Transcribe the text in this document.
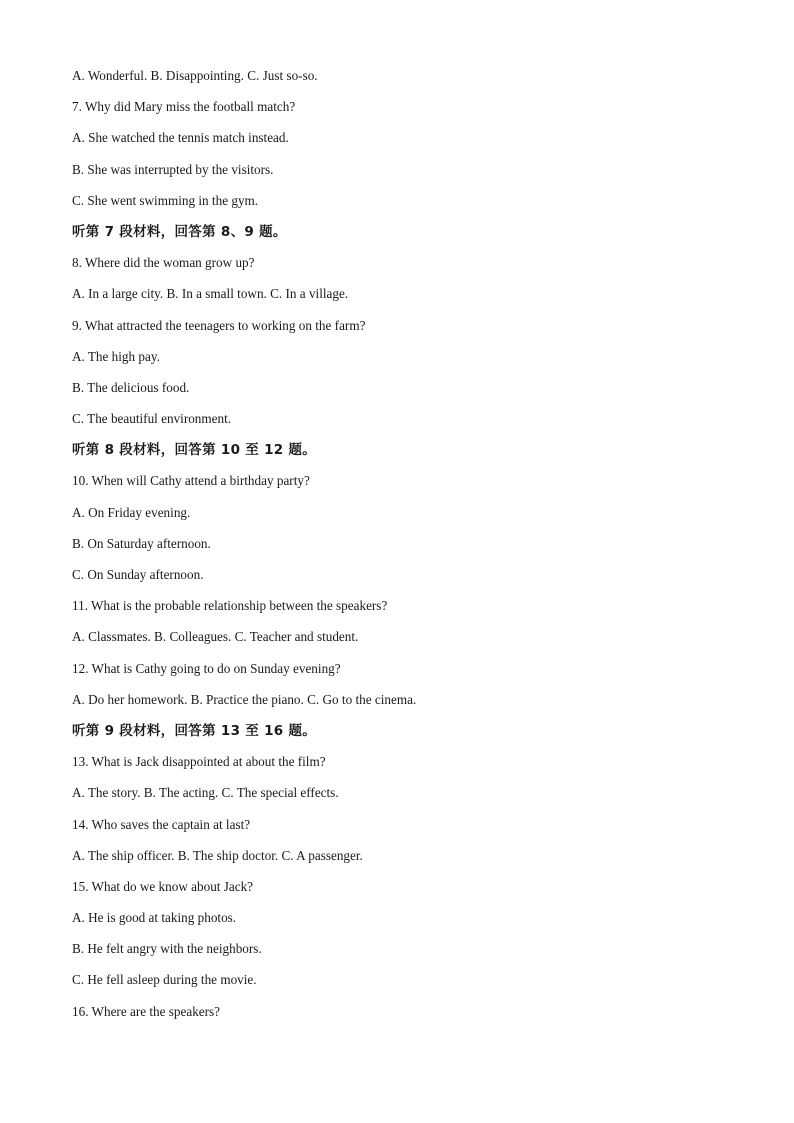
A. Wonderful. B. Disappointing. C. Just so-so.
7. Why did Mary miss the football match?
A. She watched the tennis match instead.
B. She was interrupted by the visitors.
C. She went swimming in the gym.
听第 7 段材料，回答第 8、9 题。
8. Where did the woman grow up?
A. In a large city. B. In a small town. C. In a village.
9. What attracted the teenagers to working on the farm?
A. The high pay.
B. The delicious food.
C. The beautiful environment.
听第 8 段材料，回答第 10 至 12 题。
10. When will Cathy attend a birthday party?
A. On Friday evening.
B. On Saturday afternoon.
C. On Sunday afternoon.
11. What is the probable relationship between the speakers?
A. Classmates. B. Colleagues. C. Teacher and student.
12. What is Cathy going to do on Sunday evening?
A. Do her homework. B. Practice the piano. C. Go to the cinema.
听第 9 段材料，回答第 13 至 16 题。
13. What is Jack disappointed at about the film?
A. The story. B. The acting. C. The special effects.
14. Who saves the captain at last?
A. The ship officer. B. The ship doctor. C. A passenger.
15. What do we know about Jack?
A. He is good at taking photos.
B. He felt angry with the neighbors.
C. He fell asleep during the movie.
16. Where are the speakers?
